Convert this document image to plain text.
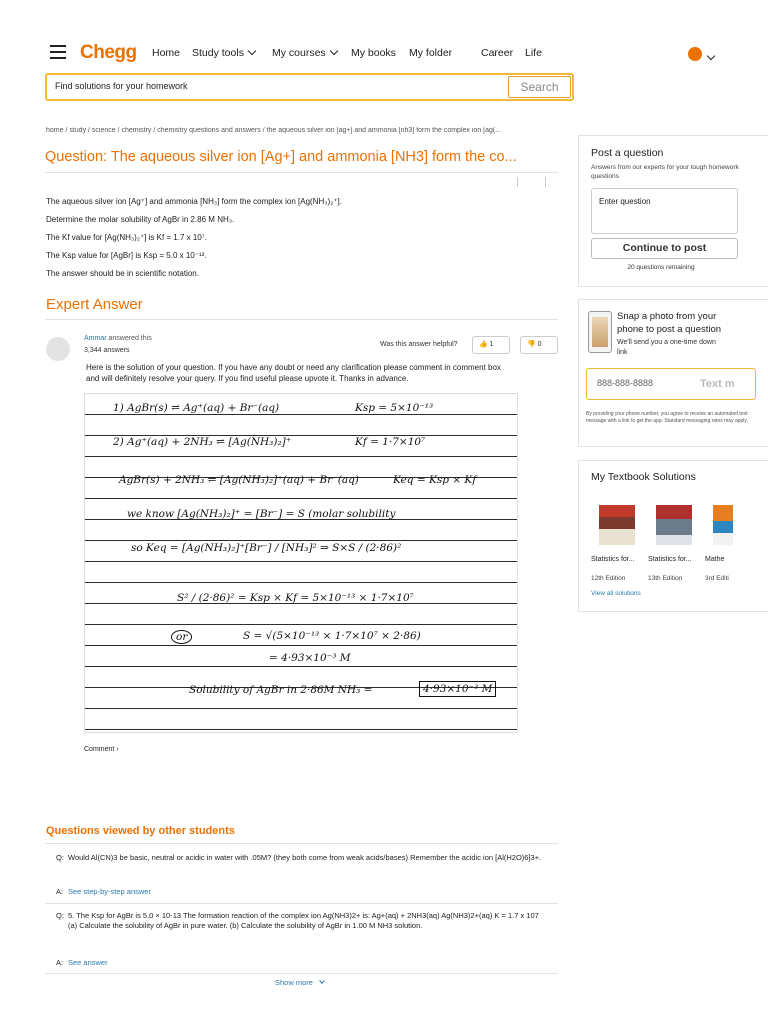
Chegg Home Study tools	My courses	My books My folder	Career Life
Find solutions for your homework	Search
home / study / science / chemistry / chemistry questions and answers / the aqueous silver ion [ag+] and ammonia [nh3] form the complex ion [ag(...
Question: The aqueous silver ion [Ag+] and ammonia [NH3] form the co...

The aqueous silver ion [Ag⁺] and ammonia [NH₃] form the complex ion [Ag(NH₃)₂⁺].

Determine the molar solubility of AgBr in 2.86 M NH₃.

The Kf value for [Ag(NH₃)₂⁺] is Kf = 1.7 x 10⁷.

The Ksp value for [AgBr] is Ksp = 5.0 x 10⁻¹³.

The answer should be in scientific notation.

Expert Answer
Ammar answered this
3,344 answers
Was this answer helpful?	👍 1	👎 0
Here is the solution of your question. If you have any doubt or need any clarification please comment in comment box and will definitely resolve your query. If you find useful please upvote it. Thanks in advance.
1) AgBr(s) ⇌ Ag⁺(aq) + Br⁻(aq)	Ksp = 5×10⁻¹³
2) Ag⁺(aq) + 2NH₃ ⇌ [Ag(NH₃)₂]⁺	Kf = 1·7×10⁷
AgBr(s) + 2NH₃ ⇌ [Ag(NH₃)₂]⁺(aq) + Br⁻(aq)	Keq = Ksp × Kf
we know [Ag(NH₃)₂]⁺ = [Br⁻] = S (molar solubility
so Keq = [Ag(NH₃)₂]⁺[Br⁻] / [NH₃]² ⇒ S×S / (2·86)²
S² / (2·86)² = Ksp × Kf = 5×10⁻¹³ × 1·7×10⁷
or	S = √(5×10⁻¹³ × 1·7×10⁷ × 2·86)
= 4·93×10⁻³ M
Solubility of AgBr in 2·86M NH₃ =	4·93×10⁻³ M
Comment ›
Questions viewed by other students
Q: Would Al(CN)3 be basic, neutral or acidic in water with .05M? (they both come from weak acids/bases) Remember the acidic ion [Al(H2O)6]3+.
A: See step-by-step answer
Q: 5. The Ksp for AgBr is 5.0 × 10-13 The formation reaction of the complex ion Ag(NH3)2+ is: Ag+(aq) + 2NH3(aq) Ag(NH3)2+(aq) K = 1.7 x 107 (a) Calculate the solubility of AgBr in pure water. (b) Calculate the solubility of AgBr in 1.00 M NH3 solution.
A: See answer
Show more
Post a question
Answers from our experts for your tough homework questions
Enter question
Continue to post
20 questions remaining
Snap a photo from your
phone to post a question
We'll send you a one-time down
link
888-888-8888	Text m
By providing your phone number, you agree to receive an automated text message with a link to get the app. Standard messaging rates may apply.
My Textbook Solutions
Statistics for... Statistics for... Mathe
12th Edition	13th Edition	3rd Editi
View all solutions
